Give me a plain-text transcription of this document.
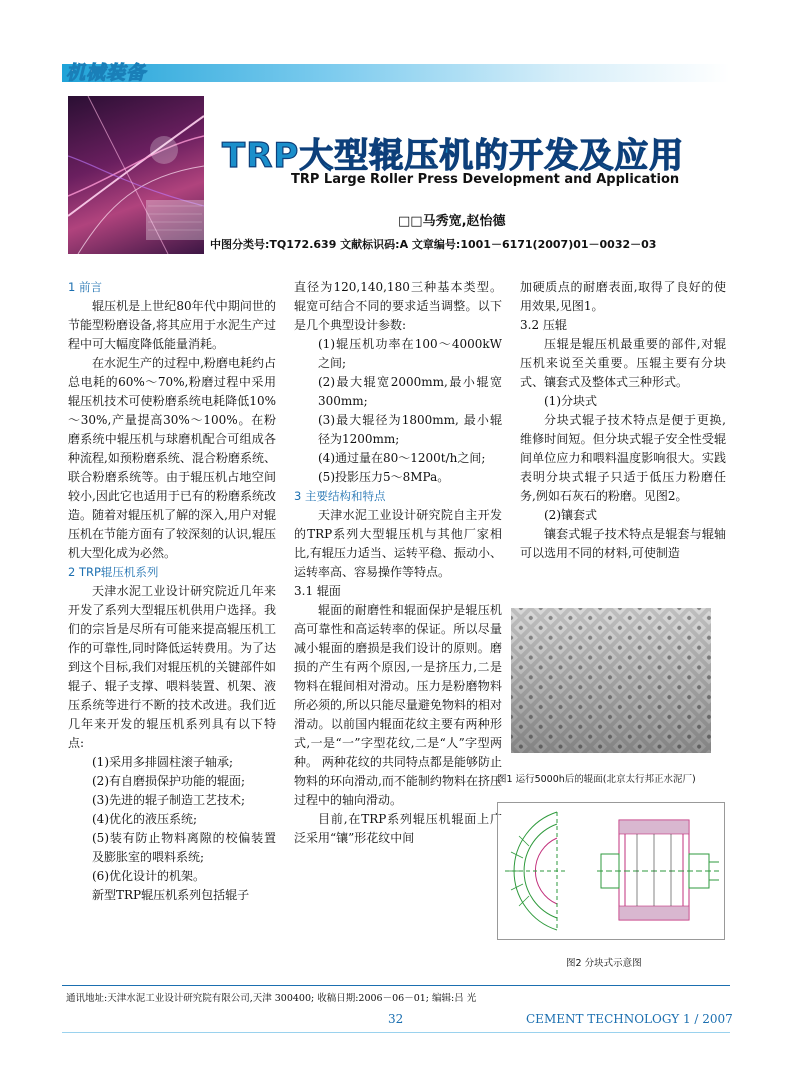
机械装备
TRP大型辊压机的开发及应用
TRP Large Roller Press Development and Application
□□马秀宽,赵怡德
中图分类号:TQ172.639 文献标识码:A 文章编号:1001－6171(2007)01－0032－03

1 前言

辊压机是上世纪80年代中期问世的节能型粉磨设备,将其应用于水泥生产过程中可大幅度降低能量消耗。

在水泥生产的过程中,粉磨电耗约占总电耗的60%～70%,粉磨过程中采用辊压机技术可使粉磨系统电耗降低10%～30%,产量提高30%～100%。在粉磨系统中辊压机与球磨机配合可组成各种流程,如预粉磨系统、混合粉磨系统、联合粉磨系统等。由于辊压机占地空间较小,因此它也适用于已有的粉磨系统改造。随着对辊压机了解的深入,用户对辊压机在节能方面有了较深刻的认识,辊压机大型化成为必然。

2 TRP辊压机系列

天津水泥工业设计研究院近几年来开发了系列大型辊压机供用户选择。我们的宗旨是尽所有可能来提高辊压机工作的可靠性,同时降低运转费用。为了达到这个目标,我们对辊压机的关键部件如辊子、辊子支撑、喂料装置、机架、液压系统等进行不断的技术改进。我们近几年来开发的辊压机系列具有以下特点:

(1)采用多排圆柱滚子轴承;

(2)有自磨损保护功能的辊面;

(3)先进的辊子制造工艺技术;

(4)优化的液压系统;

(5)装有防止物料离隙的校偏装置及膨胀室的喂料系统;

(6)优化设计的机架。

新型TRP辊压机系列包括辊子

直径为120,140,180三种基本类型。辊宽可结合不同的要求适当调整。以下是几个典型设计参数:

(1)辊压机功率在100～4000kW之间;

(2)最大辊宽2000mm,最小辊宽300mm;

(3)最大辊径为1800mm, 最小辊径为1200mm;

(4)通过量在80～1200t/h之间;

(5)投影压力5～8MPa。

3 主要结构和特点

天津水泥工业设计研究院自主开发的TRP系列大型辊压机与其他厂家相比,有辊压力适当、运转平稳、振动小、运转率高、容易操作等特点。

3.1 辊面

辊面的耐磨性和辊面保护是辊压机高可靠性和高运转率的保证。所以尽量减小辊面的磨损是我们设计的原则。磨损的产生有两个原因,一是挤压力,二是物料在辊间相对滑动。压力是粉磨物料所必须的,所以只能尽量避免物料的相对滑动。以前国内辊面花纹主要有两种形式,一是“一”字型花纹,二是“人”字型两种。 两种花纹的共同特点都是能够防止物料的环向滑动,而不能制约物料在挤压过程中的轴向滑动。

目前,在TRP系列辊压机辊面上广泛采用“镶”形花纹中间

加硬质点的耐磨表面,取得了良好的使用效果,见图1。

3.2 压辊

压辊是辊压机最重要的部件,对辊压机来说至关重要。压辊主要有分块式、镶套式及整体式三种形式。

(1)分块式

分块式辊子技术特点是便于更换,维修时间短。但分块式辊子安全性受辊间单位应力和喂料温度影响很大。实践表明分块式辊子只适于低压力粉磨任务,例如石灰石的粉磨。见图2。

(2)镶套式

镶套式辊子技术特点是辊套与辊轴可以选用不同的材料,可使制造

图1 运行5000h后的辊面(北京太行邦正水泥厂)
图2 分块式示意图
通讯地址:天津水泥工业设计研究院有限公司,天津 300400; 收稿日期:2006－06－01; 编辑:吕 光
32	CEMENT TECHNOLOGY 1 / 2007
